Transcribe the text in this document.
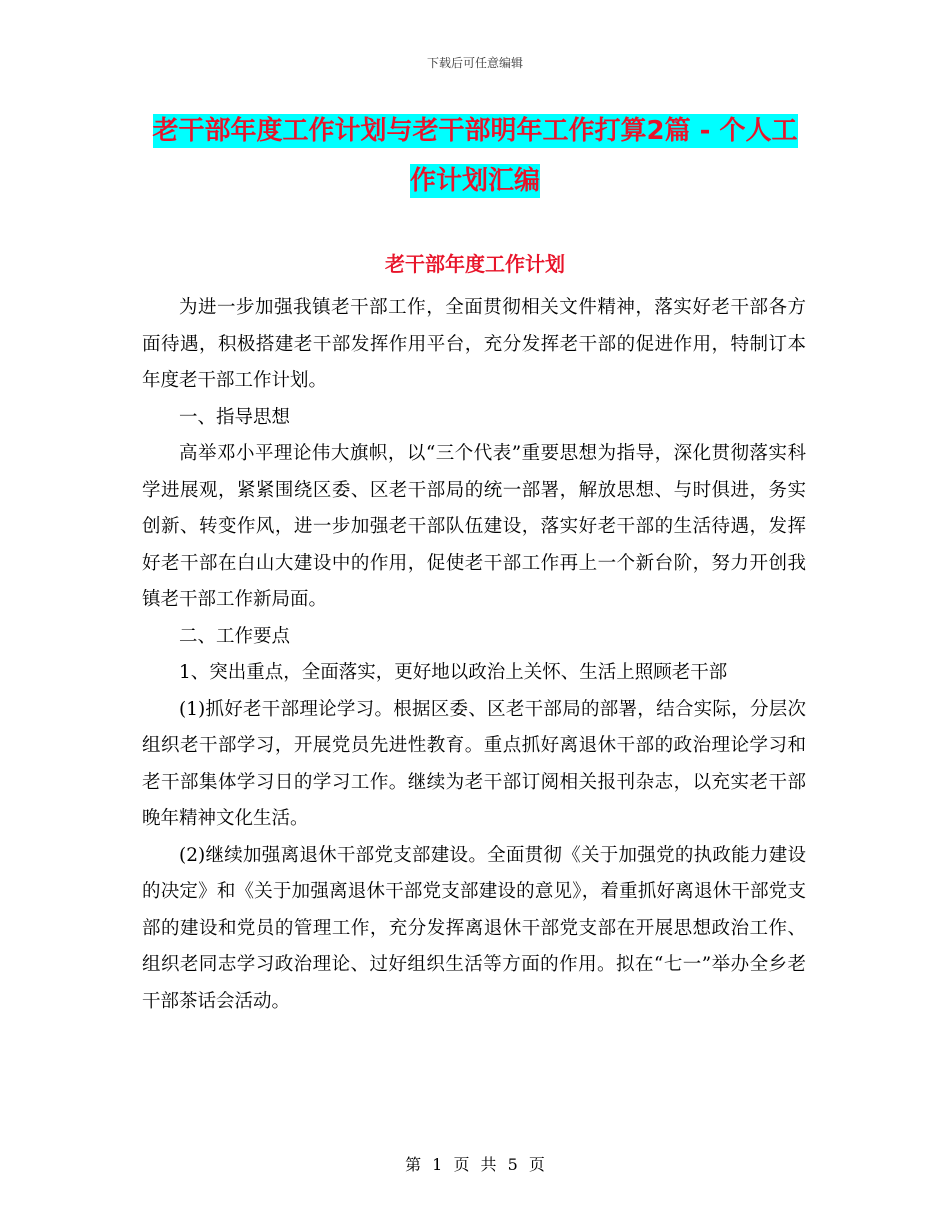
下载后可任意编辑
老干部年度工作计划与老干部明年工作打算2篇 - 个人工作计划汇编
老干部年度工作计划

为进一步加强我镇老干部工作，全面贯彻相关文件精神，落实好老干部各方面待遇，积极搭建老干部发挥作用平台，充分发挥老干部的促进作用，特制订本年度老干部工作计划。

一、指导思想

高举邓小平理论伟大旗帜，以“三个代表”重要思想为指导，深化贯彻落实科学进展观，紧紧围绕区委、区老干部局的统一部署，解放思想、与时俱进，务实创新、转变作风，进一步加强老干部队伍建设，落实好老干部的生活待遇，发挥好老干部在白山大建设中的作用，促使老干部工作再上一个新台阶，努力开创我镇老干部工作新局面。

二、工作要点

1、突出重点，全面落实，更好地以政治上关怀、生活上照顾老干部

(1)抓好老干部理论学习。根据区委、区老干部局的部署，结合实际，分层次组织老干部学习，开展党员先进性教育。重点抓好离退休干部的政治理论学习和老干部集体学习日的学习工作。继续为老干部订阅相关报刊杂志，以充实老干部晚年精神文化生活。

(2)继续加强离退休干部党支部建设。全面贯彻《关于加强党的执政能力建设的决定》和《关于加强离退休干部党支部建设的意见》，着重抓好离退休干部党支部的建设和党员的管理工作，充分发挥离退休干部党支部在开展思想政治工作、组织老同志学习政治理论、过好组织生活等方面的作用。拟在“七一”举办全乡老干部茶话会活动。

第 1 页 共 5 页
